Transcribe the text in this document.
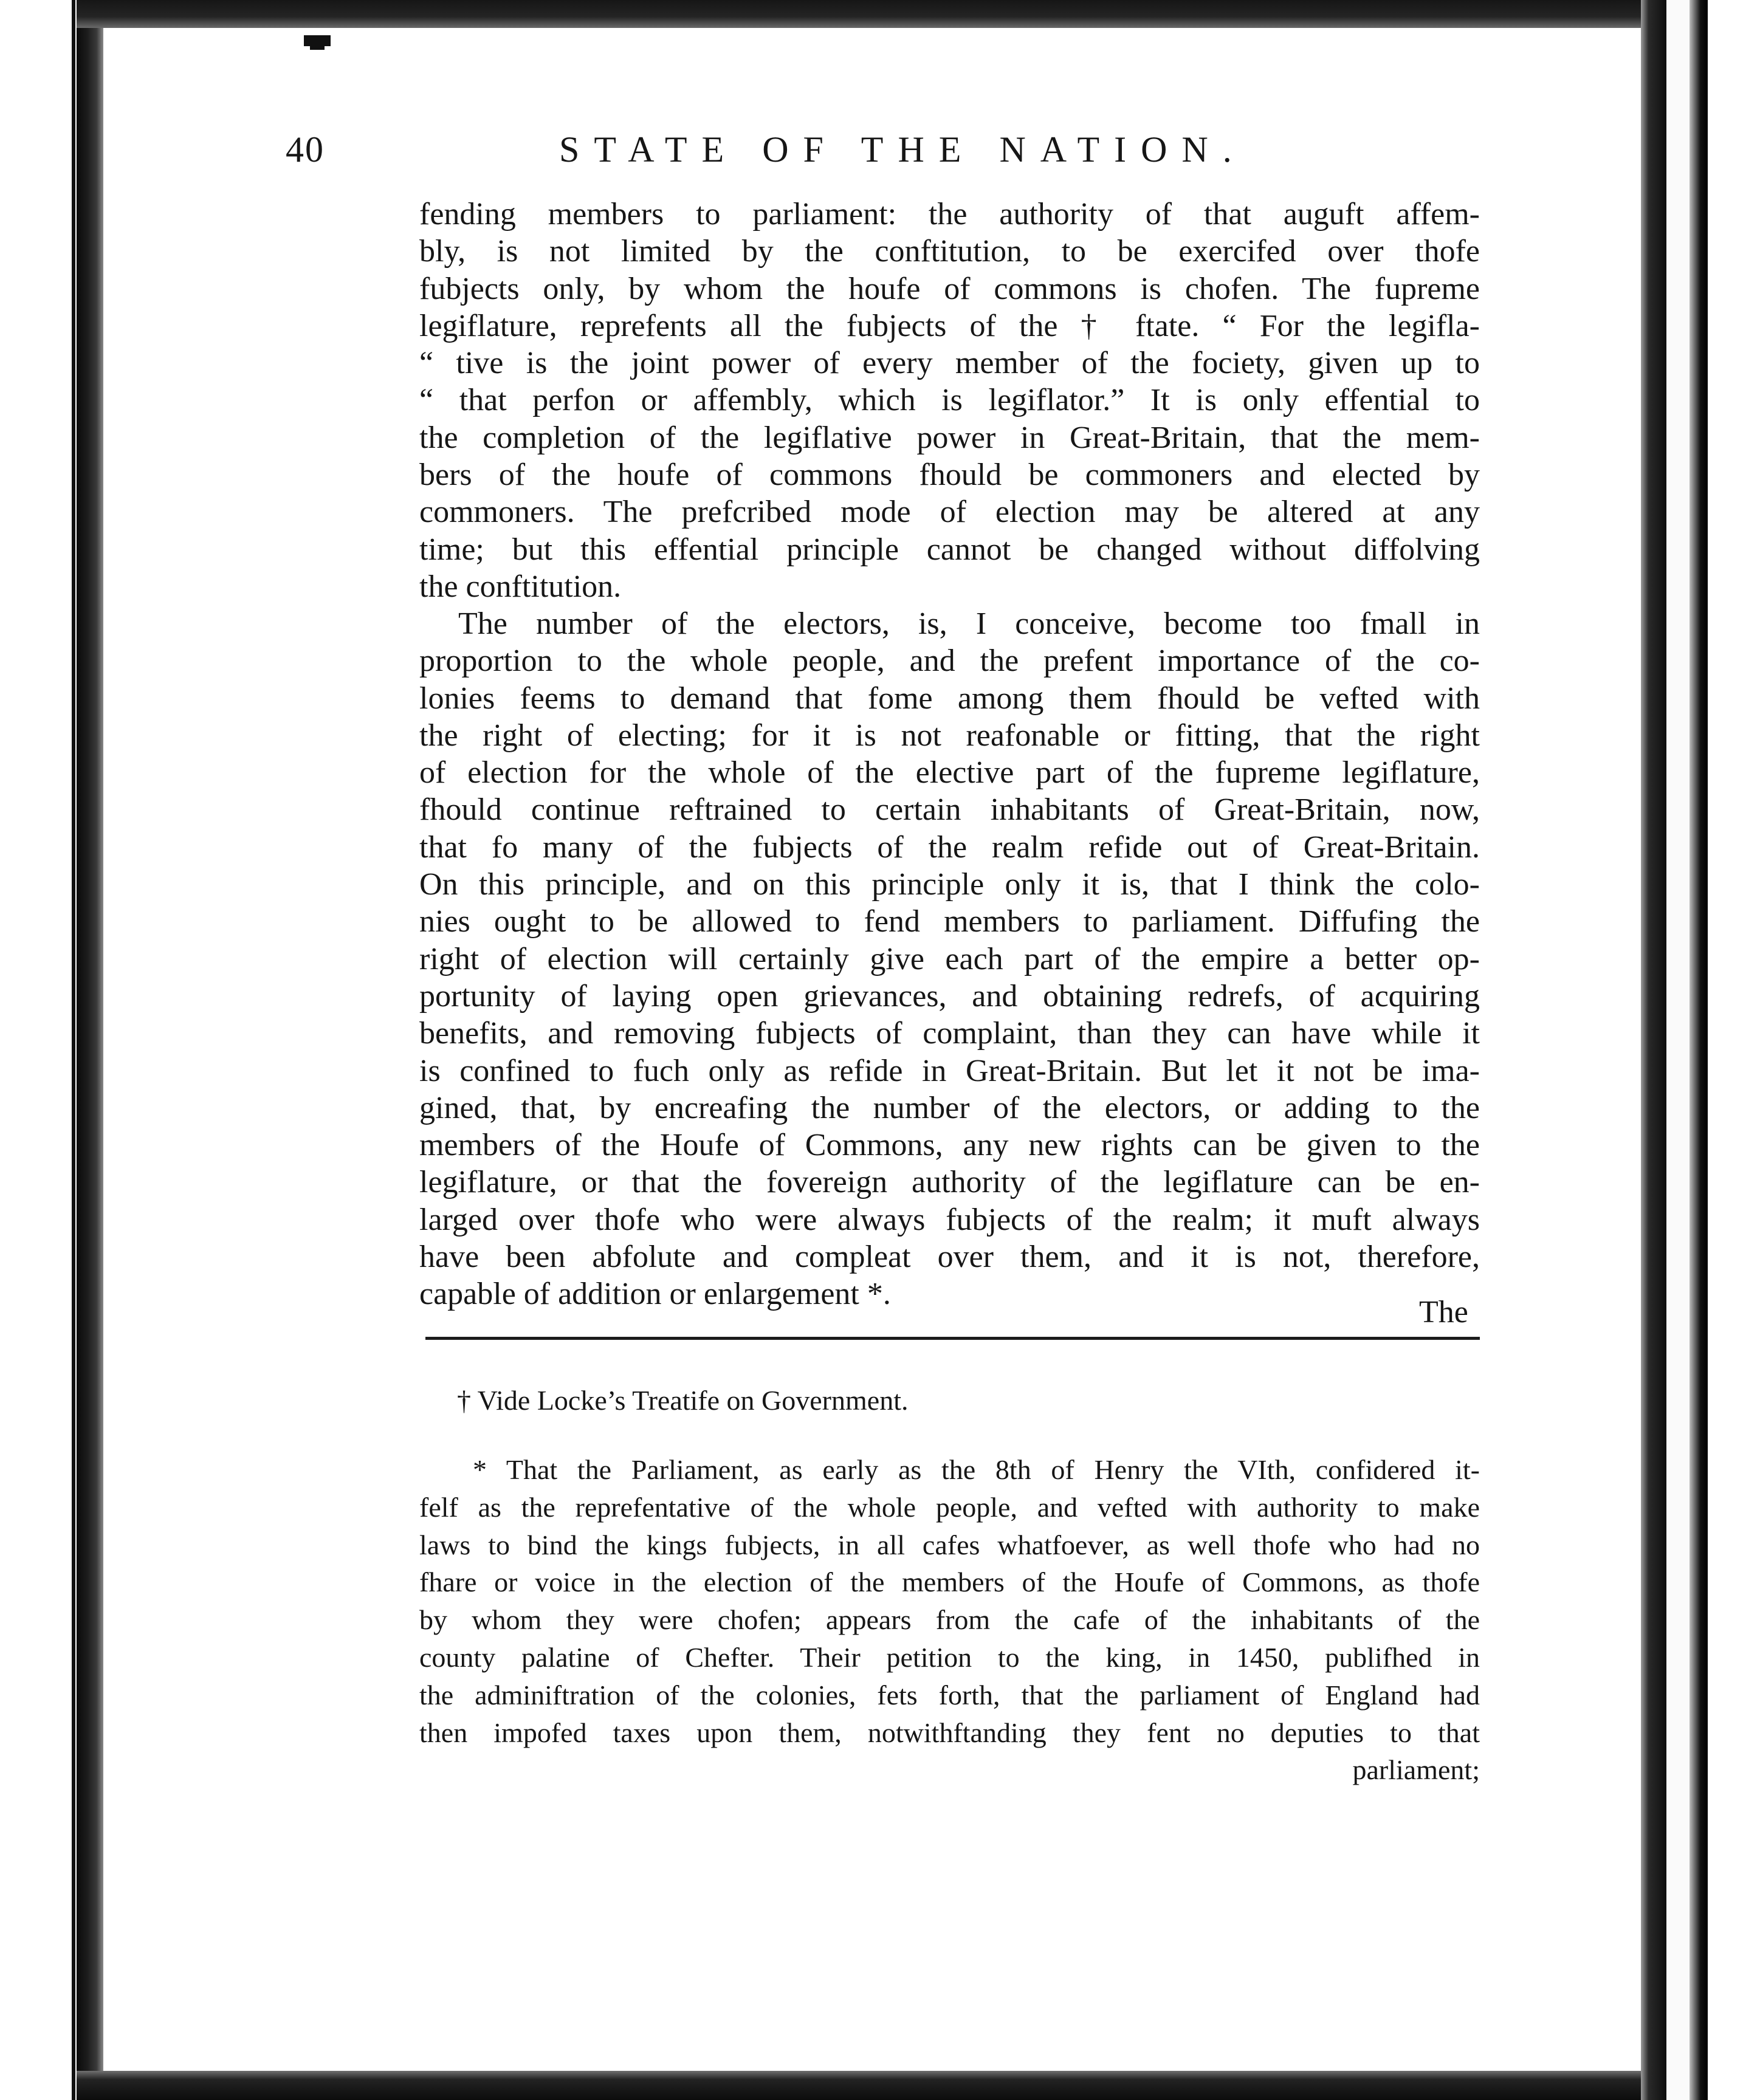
40	STATE OF THE NATION.
fending members to parliament: the authority of that auguft affem-
bly, is not limited by the conftitution, to be exercifed over thofe
fubjects only, by whom the houfe of commons is chofen. The fupreme
legiflature, reprefents all the fubjects of the † ftate. “ For the legifla-
“ tive is the joint power of every member of the fociety, given up to
“ that perfon or affembly, which is legiflator.” It is only effential to
the completion of the legiflative power in Great-Britain, that the mem-
bers of the houfe of commons fhould be commoners and elected by
commoners. The prefcribed mode of election may be altered at any
time; but this effential principle cannot be changed without diffolving
the conftitution.
The number of the electors, is, I conceive, become too fmall in
proportion to the whole people, and the prefent importance of the co-
lonies feems to demand that fome among them fhould be vefted with
the right of electing; for it is not reafonable or fitting, that the right
of election for the whole of the elective part of the fupreme legiflature,
fhould continue reftrained to certain inhabitants of Great-Britain, now,
that fo many of the fubjects of the realm refide out of Great-Britain.
On this principle, and on this principle only it is, that I think the colo-
nies ought to be allowed to fend members to parliament. Diffufing the
right of election will certainly give each part of the empire a better op-
portunity of laying open grievances, and obtaining redrefs, of acquiring
benefits, and removing fubjects of complaint, than they can have while it
is confined to fuch only as refide in Great-Britain. But let it not be ima-
gined, that, by encreafing the number of the electors, or adding to the
members of the Houfe of Commons, any new rights can be given to the
legiflature, or that the fovereign authority of the legiflature can be en-
larged over thofe who were always fubjects of the realm; it muft always
have been abfolute and compleat over them, and it is not, therefore,
capable of addition or enlargement *.
The
† Vide Locke’s Treatife on Government.
* That the Parliament, as early as the 8th of Henry the VIth, confidered it-
felf as the reprefentative of the whole people, and vefted with authority to make
laws to bind the kings fubjects, in all cafes whatfoever, as well thofe who had no
fhare or voice in the election of the members of the Houfe of Commons, as thofe
by whom they were chofen; appears from the cafe of the inhabitants of the
county palatine of Chefter. Their petition to the king, in 1450, publifhed in
the adminiftration of the colonies, fets forth, that the parliament of England had
then impofed taxes upon them, notwithftanding they fent no deputies to that
parliament;
